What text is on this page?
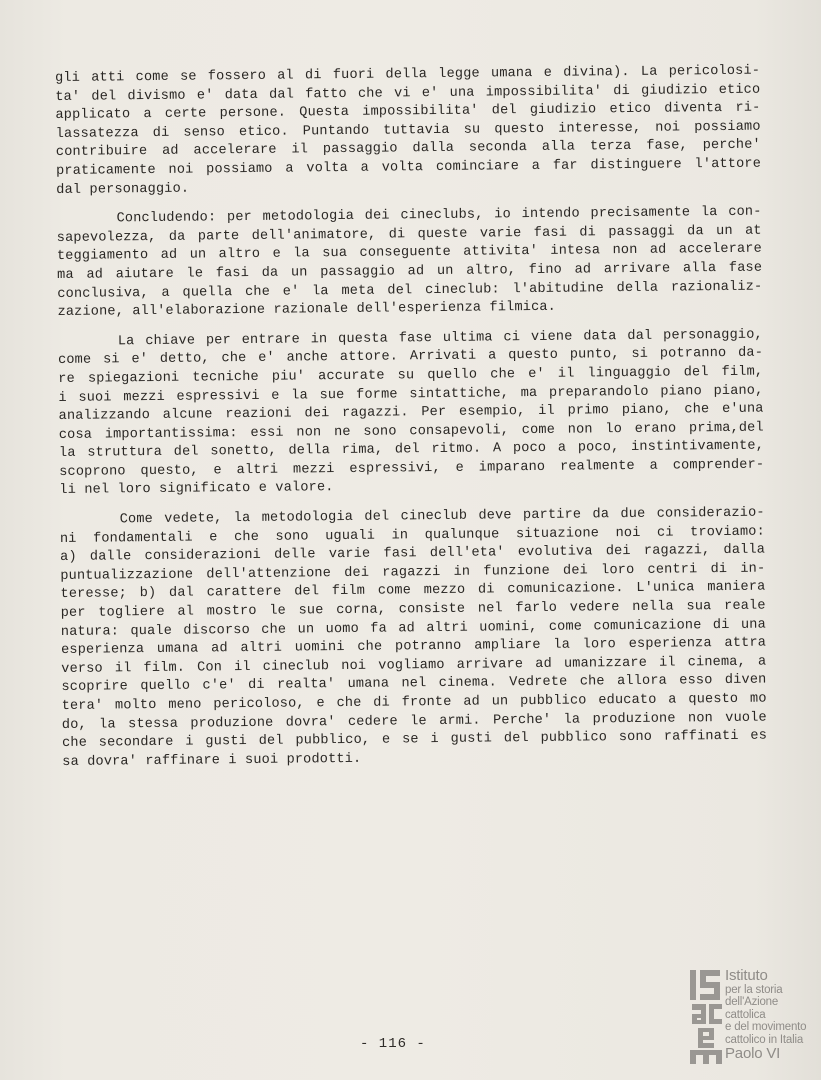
gli atti come se fossero al di fuori della legge umana e divina). La pericolosi-
ta' del divismo e' data dal fatto che vi e' una impossibilita' di giudizio etico
applicato a certe persone. Questa impossibilita' del giudizio etico diventa ri-
lassatezza di senso etico. Puntando tuttavia su questo interesse, noi possiamo
contribuire ad accelerare il passaggio dalla seconda alla terza fase, perche'
praticamente noi possiamo a volta a volta cominciare a far distinguere l'attore
dal personaggio.
Concludendo: per metodologia dei cineclubs, io intendo precisamente la con-
sapevolezza, da parte dell'animatore, di queste varie fasi di passaggi da un at
teggiamento ad un altro e la sua conseguente attivita' intesa non ad accelerare
ma ad aiutare le fasi da un passaggio ad un altro, fino ad arrivare alla fase
conclusiva, a quella che e' la meta del cineclub: l'abitudine della razionaliz-
zazione, all'elaborazione razionale dell'esperienza filmica.
La chiave per entrare in questa fase ultima ci viene data dal personaggio,
come si e' detto, che e' anche attore. Arrivati a questo punto, si potranno da-
re spiegazioni tecniche piu' accurate su quello che e' il linguaggio del film,
i suoi mezzi espressivi e la sue forme sintattiche, ma preparandolo piano piano,
analizzando alcune reazioni dei ragazzi. Per esempio, il primo piano, che e'una
cosa importantissima: essi non ne sono consapevoli, come non lo erano prima,del
la struttura del sonetto, della rima, del ritmo. A poco a poco, instintivamente,
scoprono questo, e altri mezzi espressivi, e imparano realmente a comprender-
li nel loro significato e valore.
Come vedete, la metodologia del cineclub deve partire da due considerazio-
ni fondamentali e che sono uguali in qualunque situazione noi ci troviamo:
a) dalle considerazioni delle varie fasi dell'eta' evolutiva dei ragazzi, dalla
puntualizzazione dell'attenzione dei ragazzi in funzione dei loro centri di in-
teresse; b) dal carattere del film come mezzo di comunicazione. L'unica maniera
per togliere al mostro le sue corna, consiste nel farlo vedere nella sua reale
natura: quale discorso che un uomo fa ad altri uomini, come comunicazione di una
esperienza umana ad altri uomini che potranno ampliare la loro esperienza attra
verso il film. Con il cineclub noi vogliamo arrivare ad umanizzare il cinema, a
scoprire quello c'e' di realta' umana nel cinema. Vedrete che allora esso diven
tera' molto meno pericoloso, e che di fronte ad un pubblico educato a questo mo
do, la stessa produzione dovra' cedere le armi. Perche' la produzione non vuole
che secondare i gusti del pubblico, e se i gusti del pubblico sono raffinati es
sa dovra' raffinare i suoi prodotti.
- 116 -
Istituto
per la storia
dell'Azione cattolica
e del movimento
cattolico in Italia
Paolo VI
